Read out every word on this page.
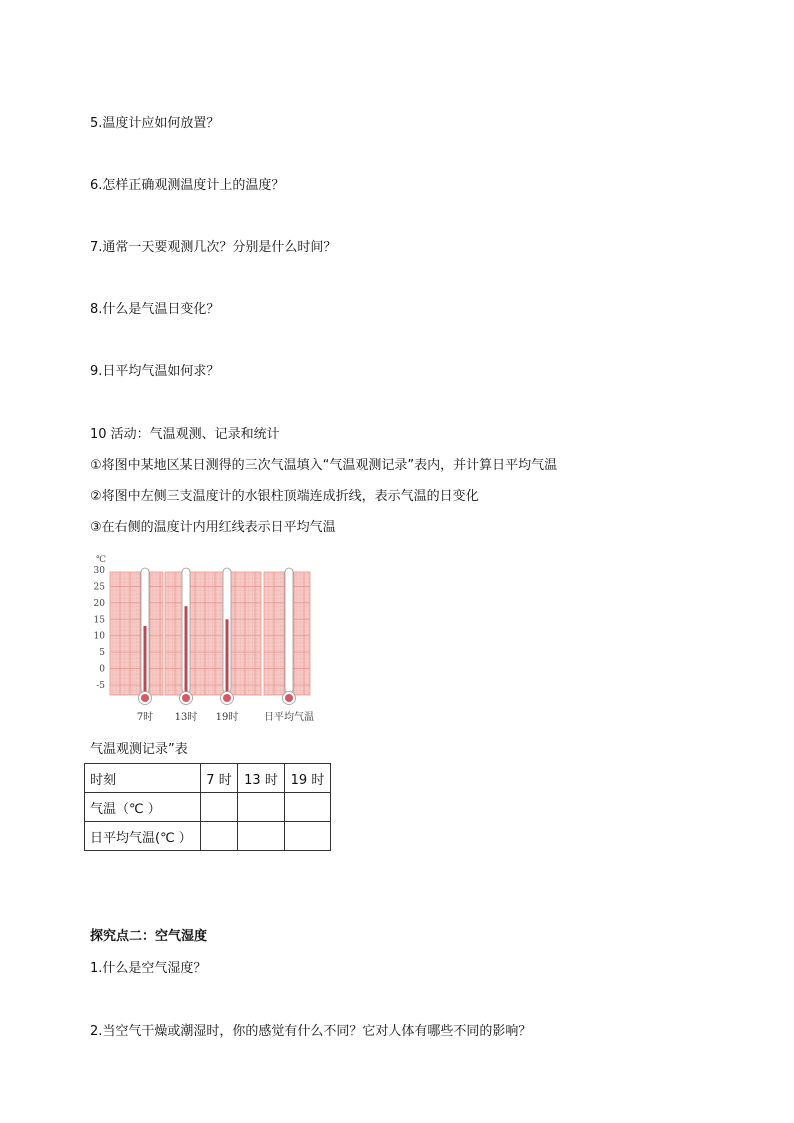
5.温度计应如何放置？
6.怎样正确观测温度计上的温度？
7.通常一天要观测几次？分别是什么时间？
8.什么是气温日变化？
9.日平均气温如何求？
10 活动：气温观测、记录和统计
①将图中某地区某日测得的三次气温填入“气温观测记录”表内，并计算日平均气温
②将图中左侧三支温度计的水银柱顶端连成折线，表示气温的日变化
③在右侧的温度计内用红线表示日平均气温
℃
30
25
20
15
10
5
0
-5
7时 13时 19时	日平均气温
气温观测记录”表
时刻	7 时	13 时	19 时
气温（℃ ）			
日平均气温(℃ ）			
探究点二：空气湿度
1.什么是空气湿度？
2.当空气干燥或潮湿时，你的感觉有什么不同？它对人体有哪些不同的影响？
